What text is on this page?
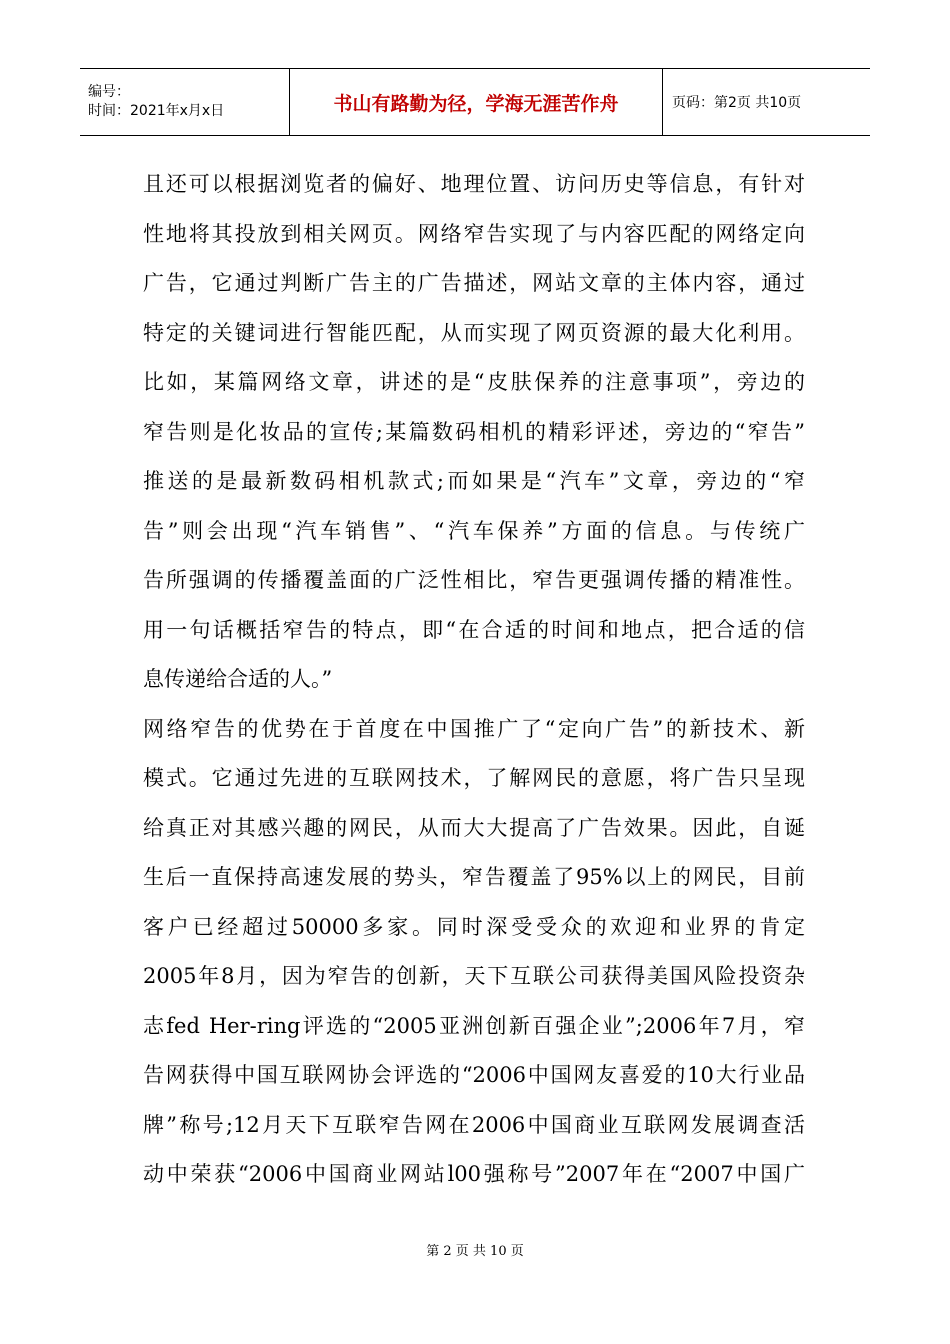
编号：
时间：2021年x月x日	书山有路勤为径，学海无涯苦作舟	页码：第2页 共10页
且还可以根据浏览者的偏好、地理位置、访问历史等信息，有针对
性地将其投放到相关网页。网络窄告实现了与内容匹配的网络定向
广告，它通过判断广告主的广告描述，网站文章的主体内容，通过
特定的关键词进行智能匹配，从而实现了网页资源的最大化利用。
比如，某篇网络文章，讲述的是“皮肤保养的注意事项”，旁边的
窄告则是化妆品的宣传;某篇数码相机的精彩评述，旁边的“窄告”
推送的是最新数码相机款式;而如果是“汽车”文章，旁边的“窄
告”则会出现“汽车销售”、“汽车保养”方面的信息。与传统广
告所强调的传播覆盖面的广泛性相比，窄告更强调传播的精准性。
用一句话概括窄告的特点，即“在合适的时间和地点，把合适的信
息传递给合适的人。”
网络窄告的优势在于首度在中国推广了“定向广告”的新技术、新
模式。它通过先进的互联网技术，了解网民的意愿，将广告只呈现
给真正对其感兴趣的网民，从而大大提高了广告效果。因此，自诞
生后一直保持高速发展的势头，窄告覆盖了95%以上的网民，目前
客户已经超过50000多家。同时深受受众的欢迎和业界的肯定
2005年8月，因为窄告的创新，天下互联公司获得美国风险投资杂
志fed Her-ring评选的“2005亚洲创新百强企业”;2006年7月，窄
告网获得中国互联网协会评选的“2006中国网友喜爱的10大行业品
牌”称号;12月天下互联窄告网在2006中国商业互联网发展调查活
动中荣获“2006中国商业网站l00强称号”2007年在“2007中国广
第 2 页 共 10 页
